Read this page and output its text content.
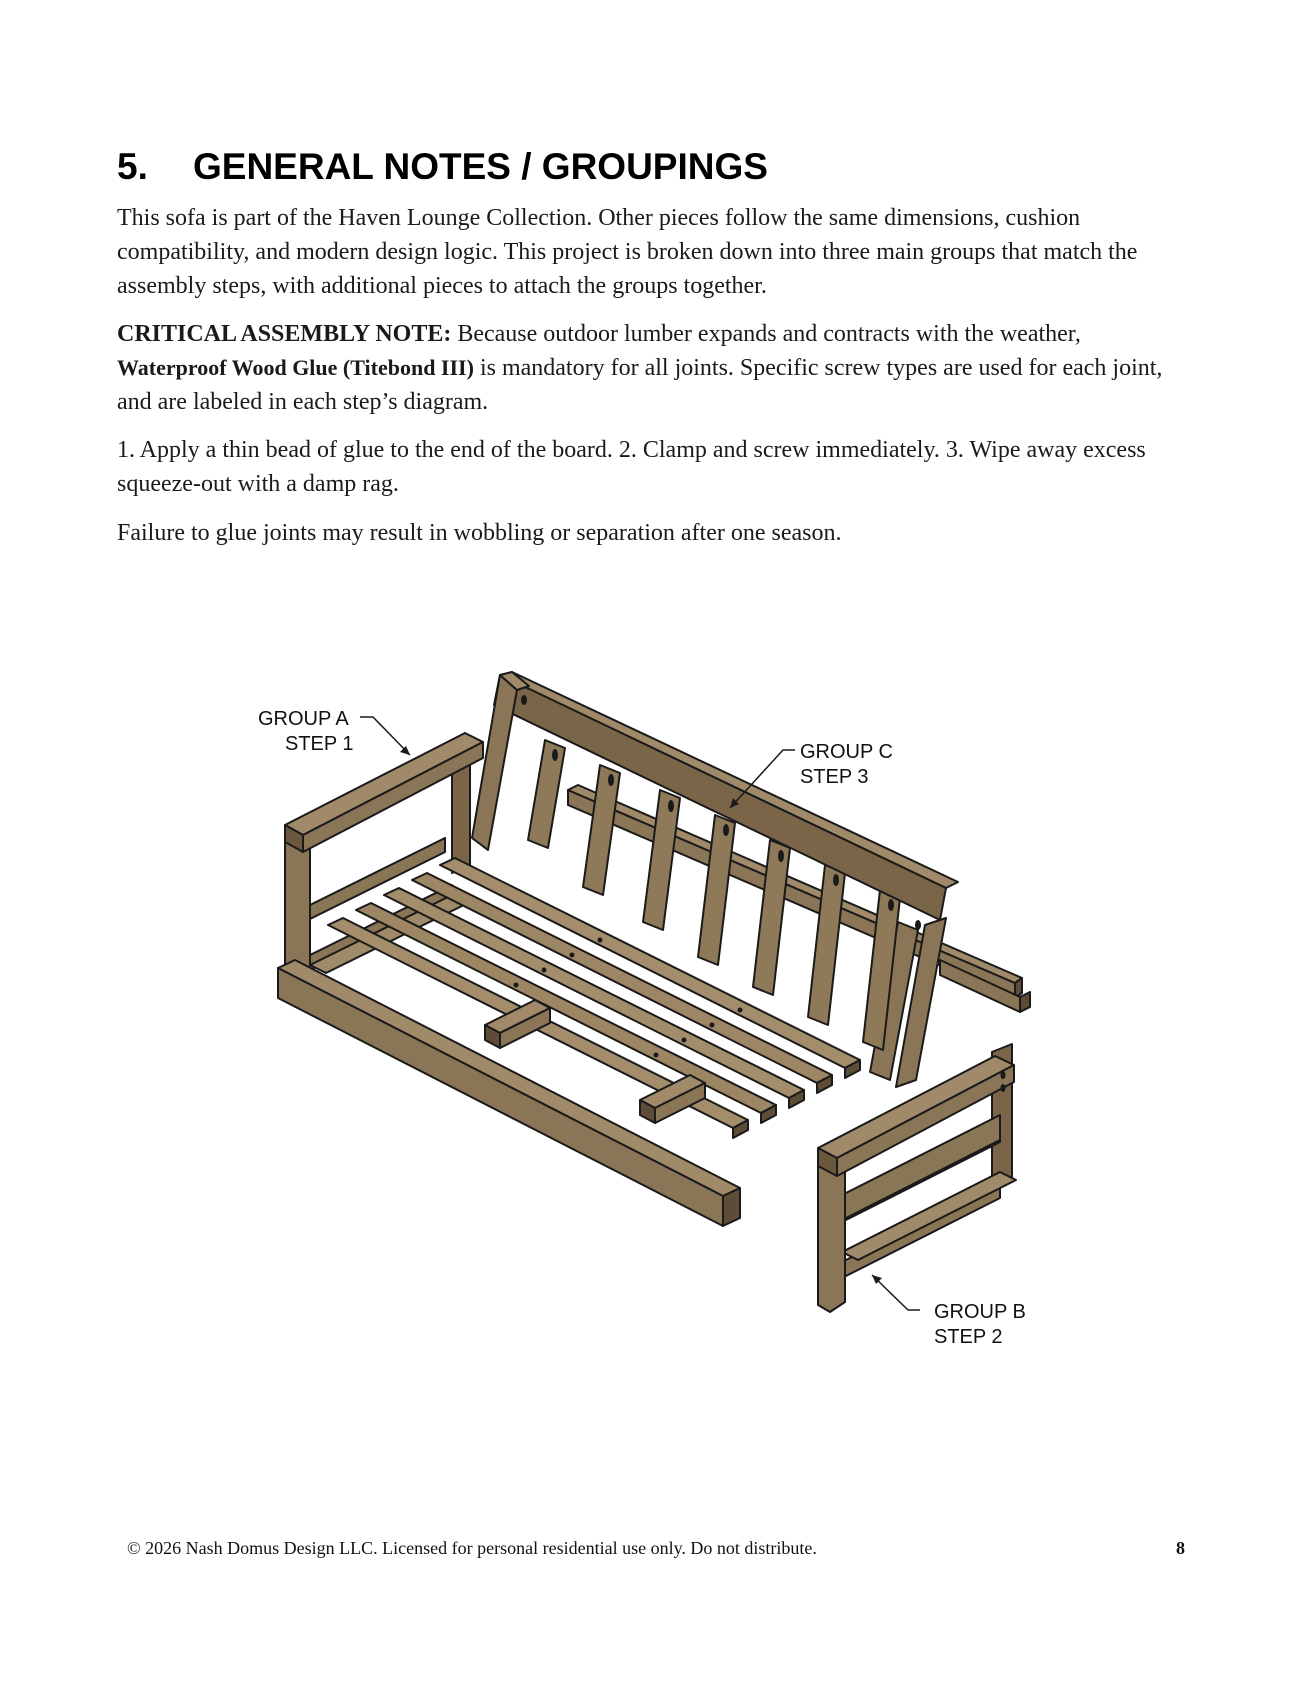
5. GENERAL NOTES / GROUPINGS

This sofa is part of the Haven Lounge Collection. Other pieces follow the same dimensions, cushion compatibility, and modern design logic. This project is broken down into three main groups that match the assembly steps, with additional pieces to attach the groups together.

CRITICAL ASSEMBLY NOTE: Because outdoor lumber expands and contracts with the weather, Waterproof Wood Glue (Titebond III) is mandatory for all joints. Specific screw types are used for each joint, and are labeled in each step’s diagram.

1. Apply a thin bead of glue to the end of the board. 2. Clamp and screw immediately. 3. Wipe away excess squeeze-out with a damp rag.

Failure to glue joints may result in wobbling or separation after one season.

GROUP A
STEP 1	GROUP C
STEP 3
GROUP B
STEP 2

© 2026 Nash Domus Design LLC. Licensed for personal residential use only. Do not distribute.	8
